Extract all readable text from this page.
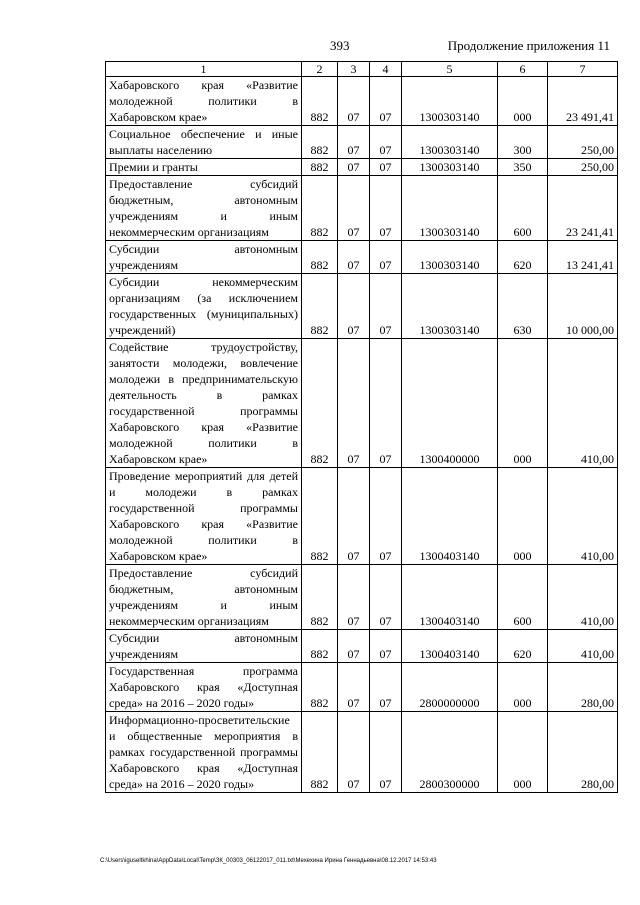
393	Продолжение приложения 11
1	2	3	4	5	6	7
Хабаровского края «Развитие молодежной политики в Хабаровском крае»	882	07	07	1300303140	000	23 491,41
Социальное обеспечение и иные выплаты населению	882	07	07	1300303140	300	250,00
Премии и гранты	882	07	07	1300303140	350	250,00
Предоставление субсидий бюджетным, автономным учреждениям и иным некоммерческим организациям	882	07	07	1300303140	600	23 241,41
Субсидии автономным учреждениям	882	07	07	1300303140	620	13 241,41
Субсидии некоммерческим организациям (за исключением государственных (муниципальных) учреждений)	882	07	07	1300303140	630	10 000,00
Содействие трудоустройству, занятости молодежи, вовлечение молодежи в предпринимательскую деятельность в рамках государственной программы Хабаровского края «Развитие молодежной политики в Хабаровском крае»	882	07	07	1300400000	000	410,00
Проведение мероприятий для детей и молодежи в рамках государственной программы Хабаровского края «Развитие молодежной политики в Хабаровском крае»	882	07	07	1300403140	000	410,00
Предоставление субсидий бюджетным, автономным учреждениям и иным некоммерческим организациям	882	07	07	1300403140	600	410,00
Субсидии автономным учреждениям	882	07	07	1300403140	620	410,00
Государственная программа Хабаровского края «Доступная среда» на 2016 – 2020 годы»	882	07	07	2800000000	000	280,00
Информационно-просветительские и общественные мероприятия в рамках государственной программы Хабаровского края «Доступная среда» на 2016 – 2020 годы»	882	07	07	2800300000	000	280,00
C:\Users\iguseltkhina\AppData\Local\Temp\ЗК_00303_06122017_011.txt\Мехехина Ирина Геннадьевна\08.12.2017 14:53:43
